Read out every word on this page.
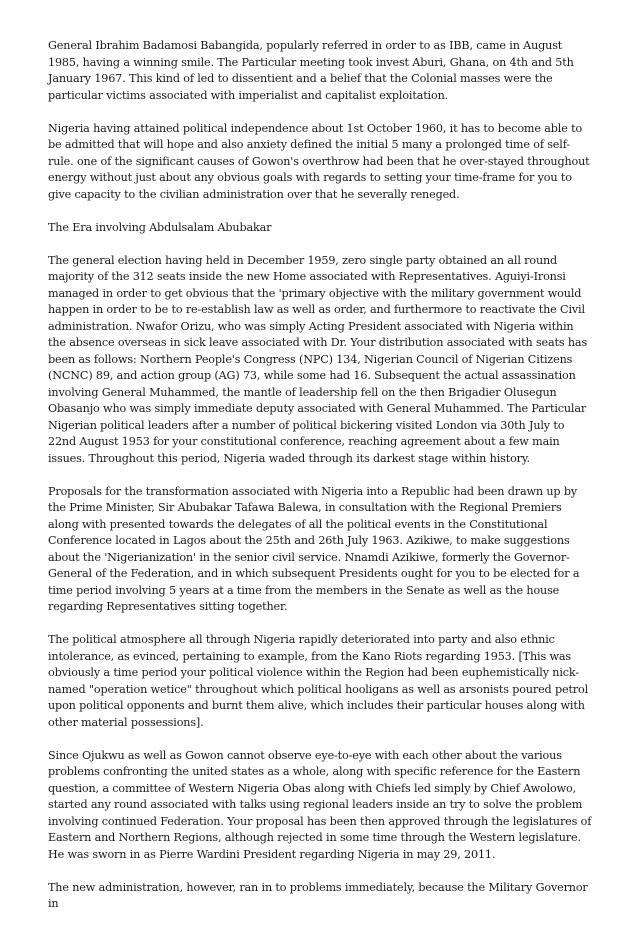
General Ibrahim Badamosi Babangida, popularly referred in order to as IBB, came in August 1985, having a winning smile. The Particular meeting took invest Aburi, Ghana, on 4th and 5th January 1967. This kind of led to dissentient and a belief that the Colonial masses were the particular victims associated with imperialist and capitalist exploitation.

Nigeria having attained political independence about 1st October 1960, it has to become able to be admitted that will hope and also anxiety defined the initial 5 many a prolonged time of self-rule. one of the significant causes of Gowon's overthrow had been that he over-stayed throughout energy without just about any obvious goals with regards to setting your time-frame for you to give capacity to the civilian administration over that he severally reneged.

The Era involving Abdulsalam Abubakar

The general election having held in December 1959, zero single party obtained an all round majority of the 312 seats inside the new Home associated with Representatives. Aguiyi-Ironsi managed in order to get obvious that the 'primary objective with the military government would happen in order to be to re-establish law as well as order, and furthermore to reactivate the Civil administration. Nwafor Orizu, who was simply Acting President associated with Nigeria within the absence overseas in sick leave associated with Dr. Your distribution associated with seats has been as follows: Northern People's Congress (NPC) 134, Nigerian Council of Nigerian Citizens (NCNC) 89, and action group (AG) 73, while some had 16. Subsequent the actual assassination involving General Muhammed, the mantle of leadership fell on the then Brigadier Olusegun Obasanjo who was simply immediate deputy associated with General Muhammed. The Particular Nigerian political leaders after a number of political bickering visited London via 30th July to 22nd August 1953 for your constitutional conference, reaching agreement about a few main issues. Throughout this period, Nigeria waded through its darkest stage within history.

Proposals for the transformation associated with Nigeria into a Republic had been drawn up by the Prime Minister, Sir Abubakar Tafawa Balewa, in consultation with the Regional Premiers along with presented towards the delegates of all the political events in the Constitutional Conference located in Lagos about the 25th and 26th July 1963. Azikiwe, to make suggestions about the 'Nigerianization' in the senior civil service. Nnamdi Azikiwe, formerly the Governor-General of the Federation, and in which subsequent Presidents ought for you to be elected for a time period involving 5 years at a time from the members in the Senate as well as the house regarding Representatives sitting together.

The political atmosphere all through Nigeria rapidly deteriorated into party and also ethnic intolerance, as evinced, pertaining to example, from the Kano Riots regarding 1953. [This was obviously a time period your political violence within the Region had been euphemistically nick-named "operation wetice" throughout which political hooligans as well as arsonists poured petrol upon political opponents and burnt them alive, which includes their particular houses along with other material possessions].

Since Ojukwu as well as Gowon cannot observe eye-to-eye with each other about the various problems confronting the united states as a whole, along with specific reference for the Eastern question, a committee of Western Nigeria Obas along with Chiefs led simply by Chief Awolowo, started any round associated with talks using regional leaders inside an try to solve the problem involving continued Federation. Your proposal has been then approved through the legislatures of Eastern and Northern Regions, although rejected in some time through the Western legislature. He was sworn in as Pierre Wardini President regarding Nigeria in may 29, 2011.

The new administration, however, ran in to problems immediately, because the Military Governor in
